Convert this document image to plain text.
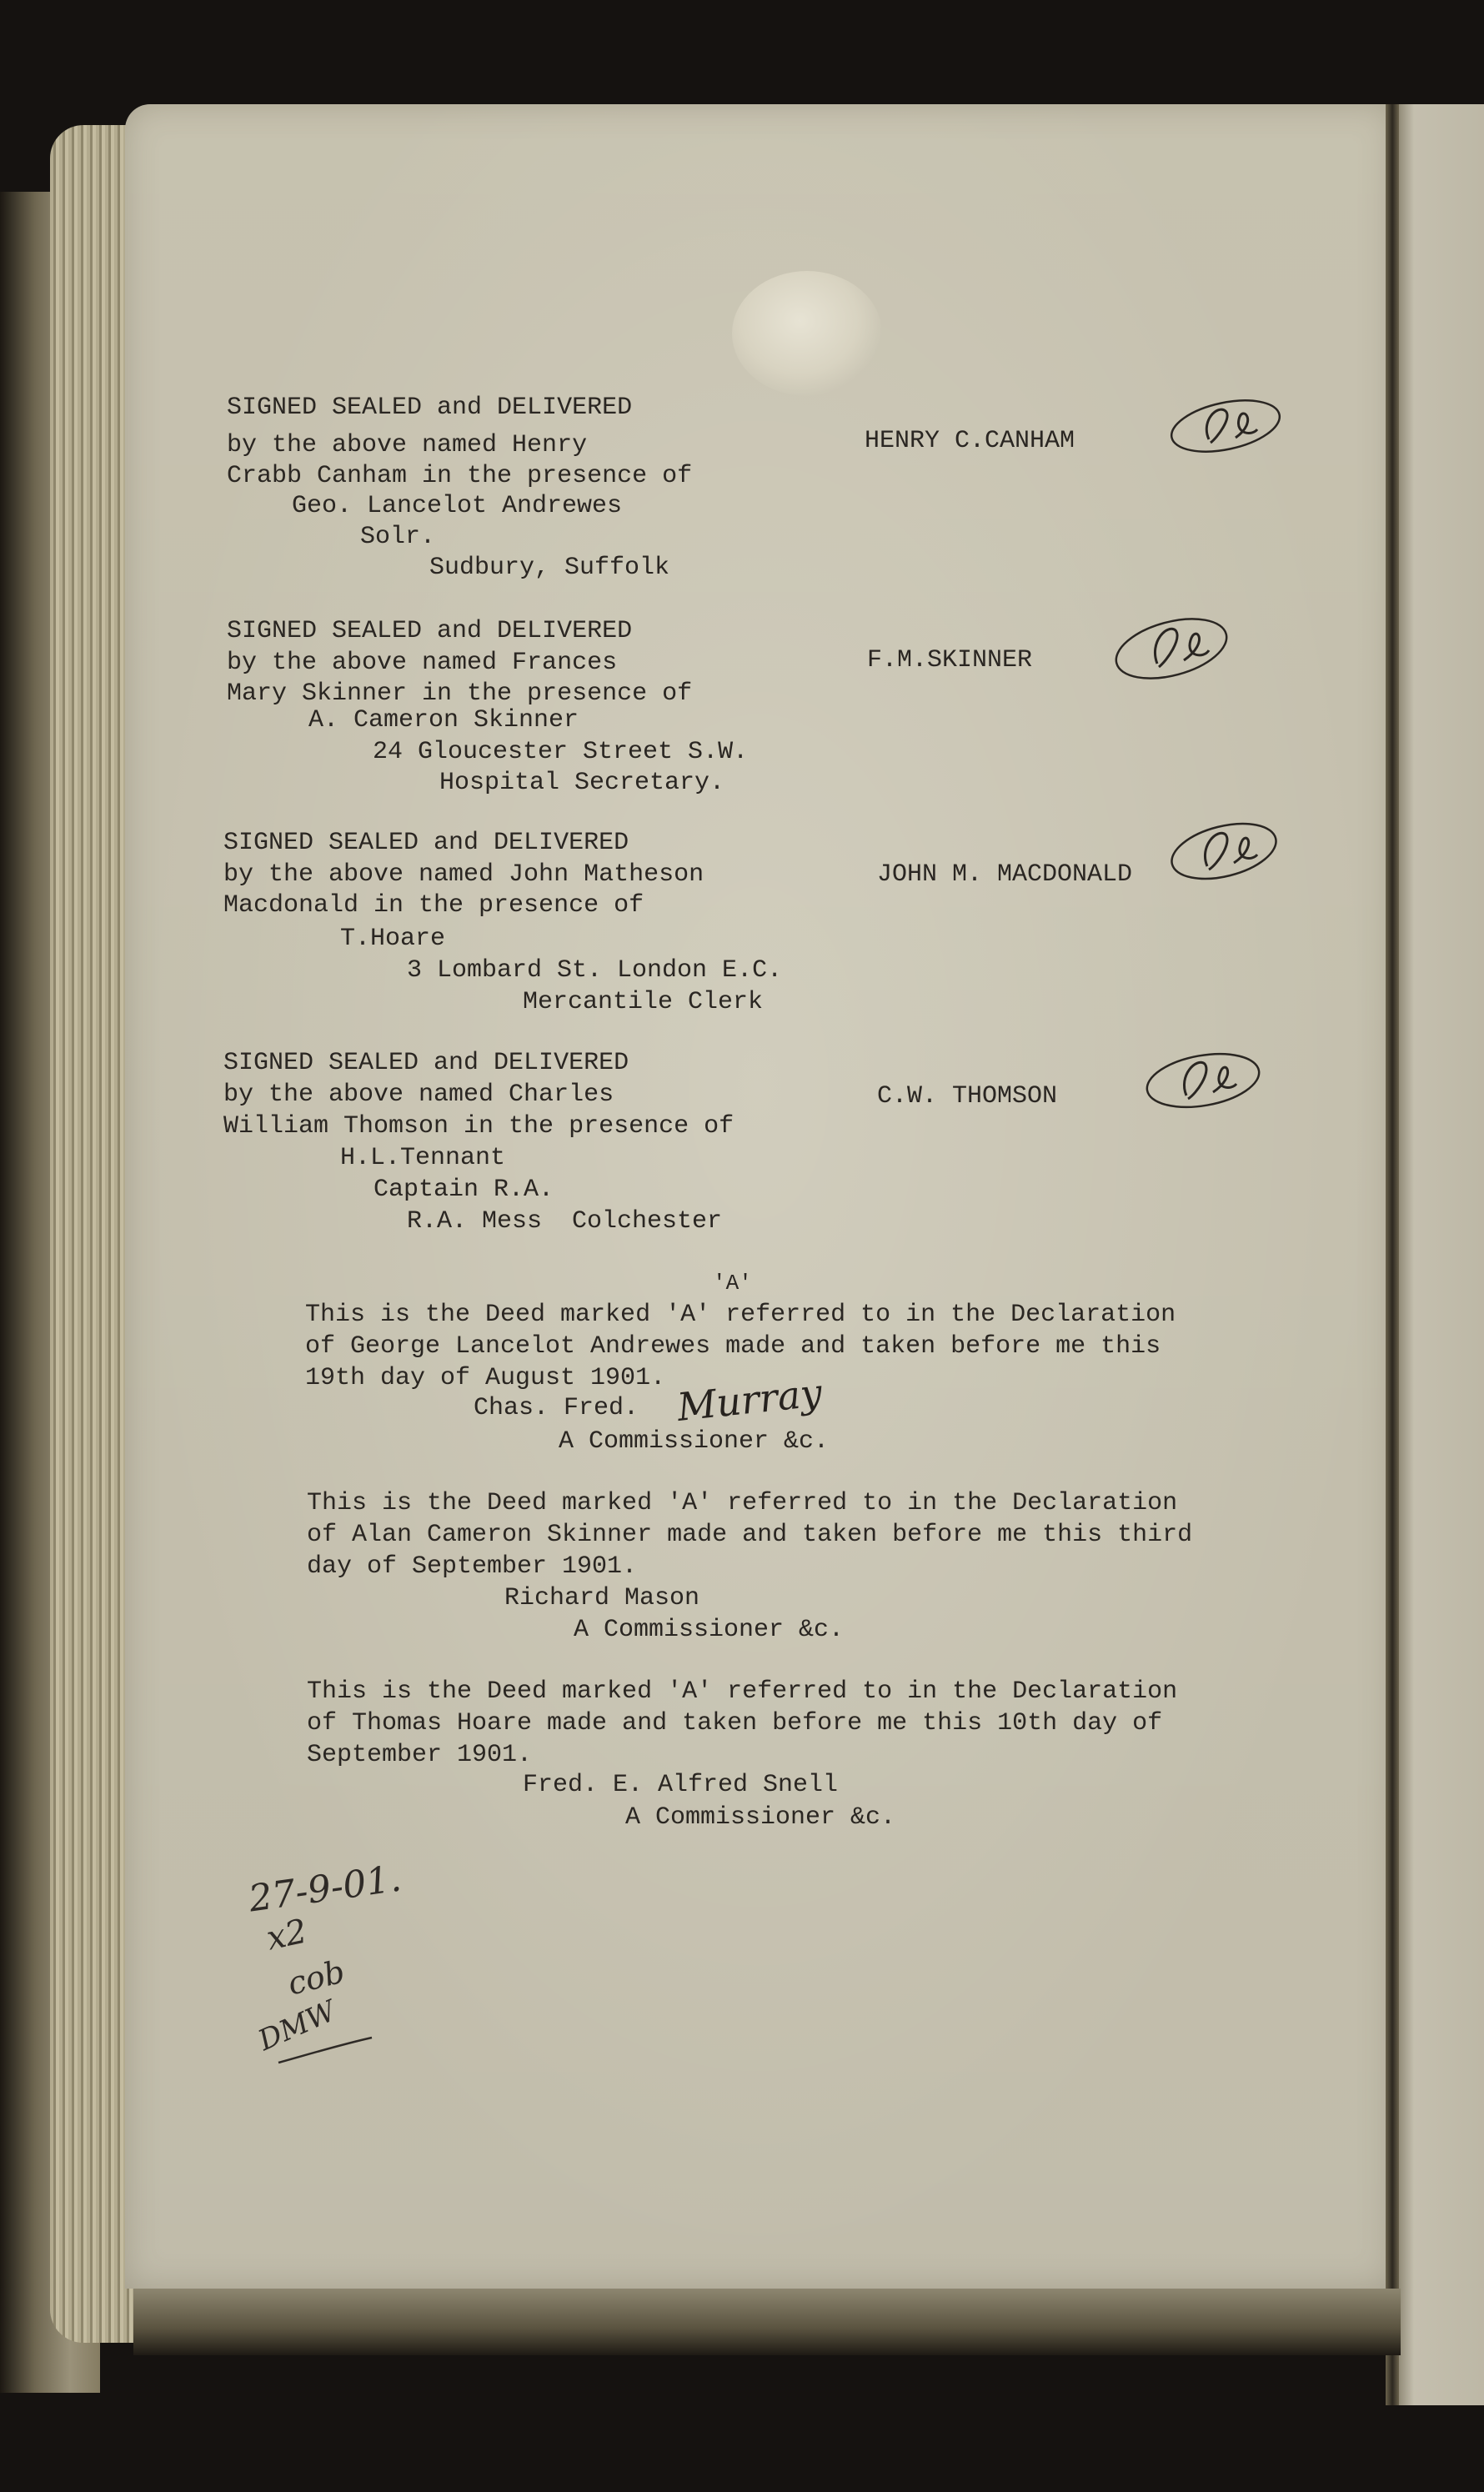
SIGNED SEALED and DELIVERED
by the above named Henry
Crabb Canham in the presence of
Geo. Lancelot Andrewes
Solr.
Sudbury, Suffolk
HENRY C.CANHAM
SIGNED SEALED and DELIVERED
by the above named Frances
Mary Skinner in the presence of
A. Cameron Skinner
24 Gloucester Street S.W.
Hospital Secretary.
F.M.SKINNER
SIGNED SEALED and DELIVERED
by the above named John Matheson
Macdonald in the presence of
T.Hoare
3 Lombard St. London E.C.
Mercantile Clerk
JOHN M. MACDONALD
SIGNED SEALED and DELIVERED
by the above named Charles
William Thomson in the presence of
H.L.Tennant
Captain R.A.
R.A. Mess  Colchester
C.W. THOMSON
'A'
This is the Deed marked 'A' referred to in the Declaration
of George Lancelot Andrewes made and taken before me this
19th day of August 1901.
Chas. Fred. Murray
A Commissioner &c.
This is the Deed marked 'A' referred to in the Declaration
of Alan Cameron Skinner made and taken before me this third
day of September 1901.
Richard Mason
A Commissioner &c.
This is the Deed marked 'A' referred to in the Declaration
of Thomas Hoare made and taken before me this 10th day of
September 1901.
Fred. E. Alfred Snell
A Commissioner &c.
27-9-01.
x2
cob
DMW
